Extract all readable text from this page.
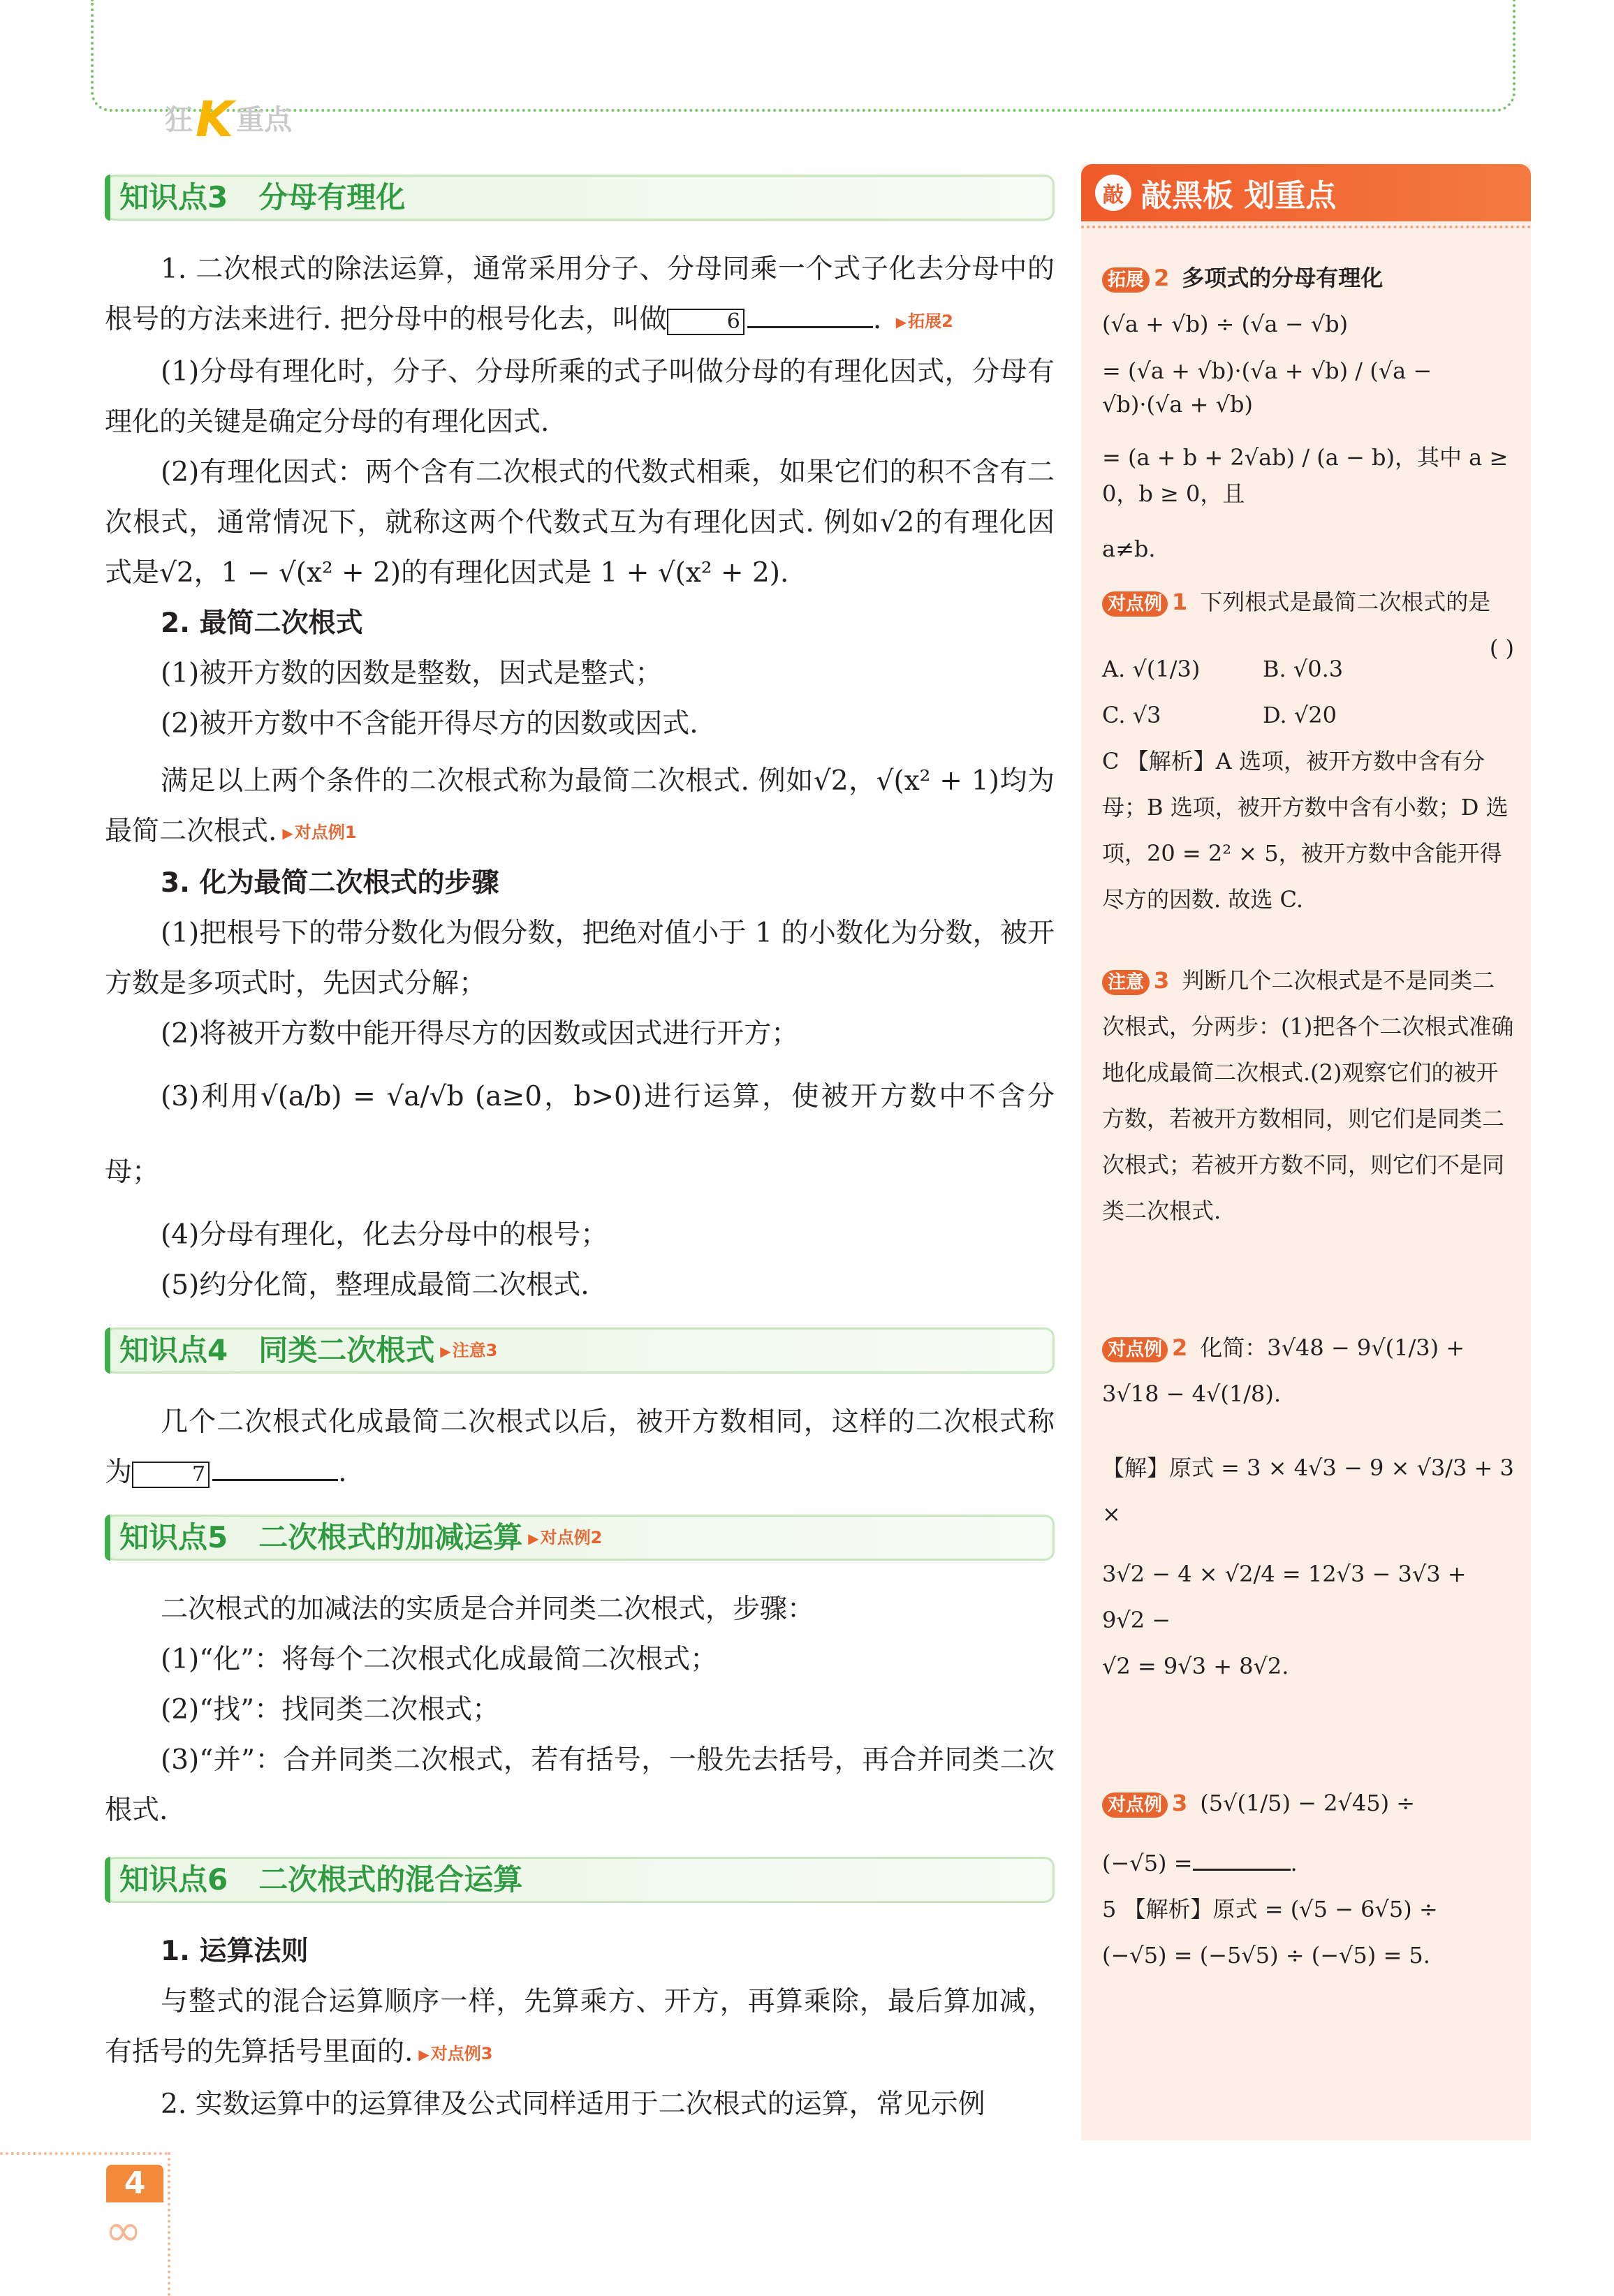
狂K 重点
知识点3 分母有理化

1. 二次根式的除法运算，通常采用分子、分母同乘一个式子化去分母中的根号的方法来进行. 把分母中的根号化去，叫做	6	. ▶ 拓展2

(1)分母有理化时，分子、分母所乘的式子叫做分母的有理化因式，分母有理化的关键是确定分母的有理化因式.

(2)有理化因式：两个含有二次根式的代数式相乘，如果它们的积不含有二次根式，通常情况下，就称这两个代数式互为有理化因式. 例如√2的有理化因式是√2，1 − √(x² + 2)的有理化因式是 1 + √(x² + 2).

2. 最简二次根式

(1)被开方数的因数是整数，因式是整式；

(2)被开方数中不含能开得尽方的因数或因式.

满足以上两个条件的二次根式称为最简二次根式. 例如√2，√(x² + 1)均为最简二次根式. ▶ 对点例1

3. 化为最简二次根式的步骤

(1)把根号下的带分数化为假分数，把绝对值小于 1 的小数化为分数，被开方数是多项式时，先因式分解；

(2)将被开方数中能开得尽方的因数或因式进行开方；

(3)利用√(a/b) = √a/√b (a≥0，b>0)进行运算，使被开方数中不含分母；

(4)分母有理化，化去分母中的根号；

(5)约分化简，整理成最简二次根式.

知识点4 同类二次根式	▶ 注意3

几个二次根式化成最简二次根式以后，被开方数相同，这样的二次根式称为	7	.

知识点5 二次根式的加减运算	▶ 对点例2

二次根式的加减法的实质是合并同类二次根式，步骤：

(1)“化”：将每个二次根式化成最简二次根式；

(2)“找”：找同类二次根式；

(3)“并”：合并同类二次根式，若有括号，一般先去括号，再合并同类二次根式.

知识点6 二次根式的混合运算

1. 运算法则

与整式的混合运算顺序一样，先算乘方、开方，再算乘除，最后算加减，有括号的先算括号里面的. ▶ 对点例3

2. 实数运算中的运算律及公式同样适用于二次根式的运算，常见示例

敲 敲黑板 划重点
拓展 2 多项式的分母有理化
(√a + √b) ÷ (√a − √b)
= (√a + √b)·(√a + √b) / (√a − √b)·(√a + √b)
= (a + b + 2√ab) / (a − b)，其中 a ≥ 0，b ≥ 0，且
a≠b.
对点例 1 下列根式是最简二次根式的是
( )
A. √(1/3)	B. √0.3
C. √3	D. √20
C 【解析】A 选项，被开方数中含有分母；B 选项，被开方数中含有小数；D 选项，20 = 2² × 5，被开方数中含能开得尽方的因数. 故选 C.
注意 3 判断几个二次根式是不是同类二次根式，分两步：(1)把各个二次根式准确地化成最简二次根式.(2)观察它们的被开方数，若被开方数相同，则它们是同类二次根式；若被开方数不同，则它们不是同类二次根式.
对点例 2 化简：3√48 − 9√(1/3) + 3√18 − 4√(1/8).
【解】原式 = 3 × 4√3 − 9 × √3/3 + 3 ×
3√2 − 4 × √2/4 = 12√3 − 3√3 + 9√2 −
√2 = 9√3 + 8√2.
对点例 3 (5√(1/5) − 2√45) ÷
(−√5) =	.
5 【解析】原式 = (√5 − 6√5) ÷
(−√5) = (−5√5) ÷ (−√5) = 5.
4
∞
